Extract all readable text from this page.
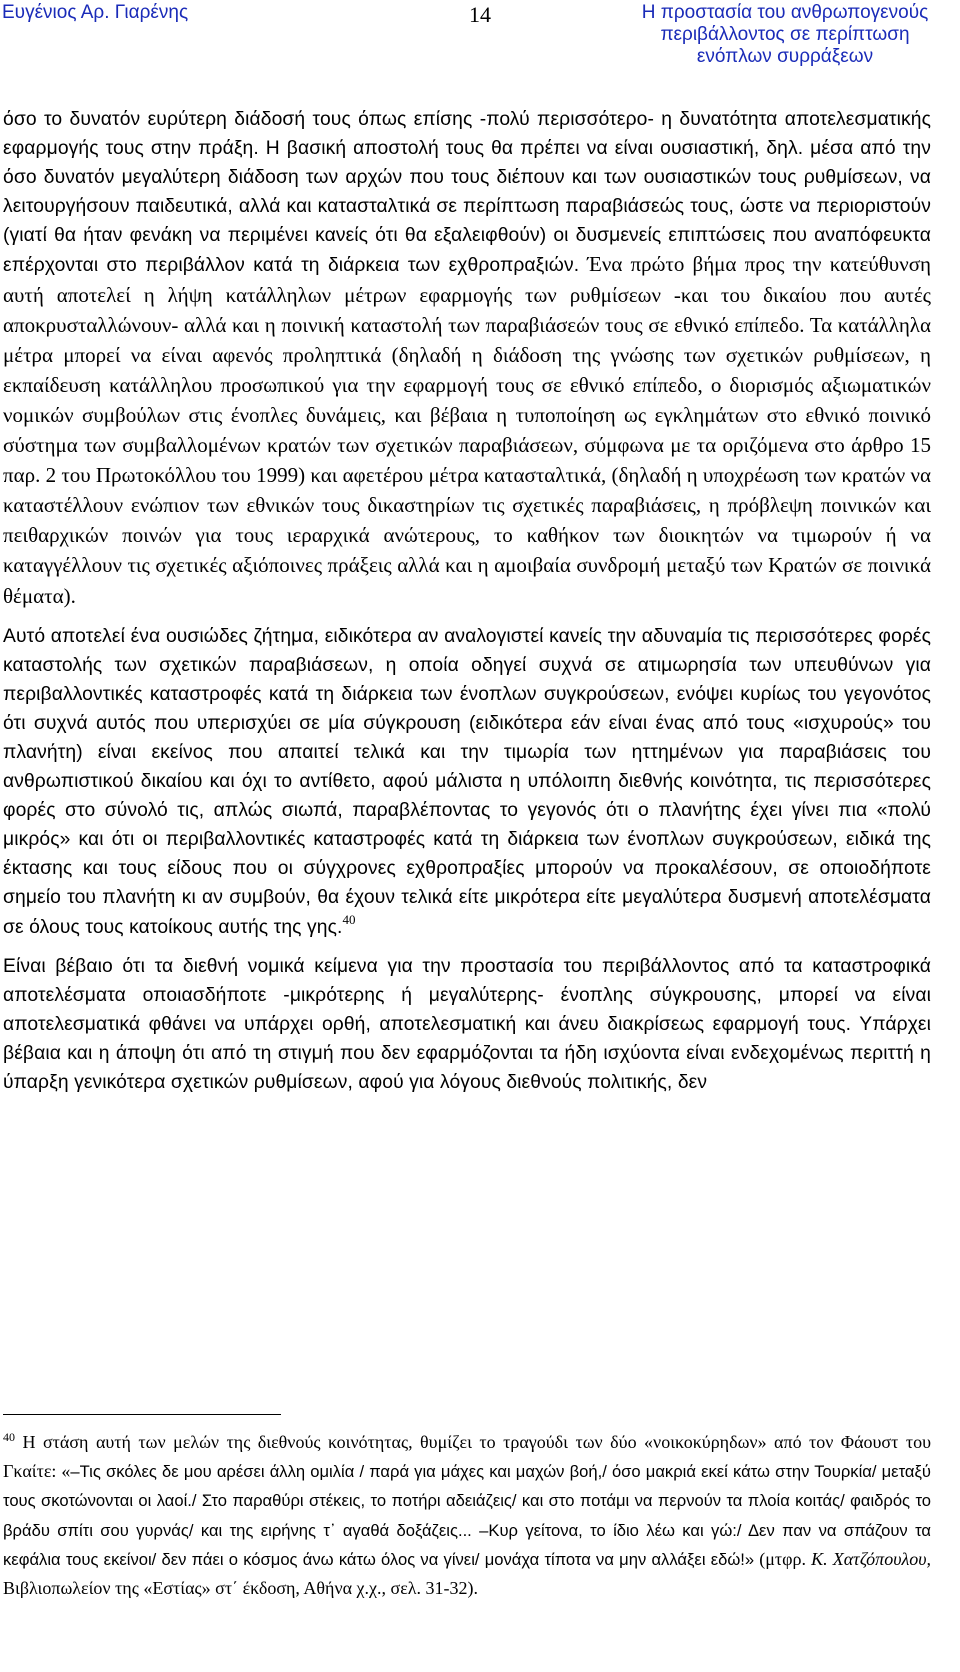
Ευγένιος Αρ. Γιαρένης	14	Η προστασία του ανθρωπογενούς
περιβάλλοντος σε περίπτωση
ενόπλων συρράξεων

όσο το δυνατόν ευρύτερη διάδοσή τους όπως επίσης -πολύ περισσότερο- η δυνατότητα αποτελεσματικής εφαρμογής τους στην πράξη. Η βασική αποστολή τους θα πρέπει να είναι ουσιαστική, δηλ. μέσα από την όσο δυνατόν μεγαλύτερη διάδοση των αρχών που τους διέπουν και των ουσιαστικών τους ρυθμίσεων, να λειτουργήσουν παιδευτικά, αλλά και κατασταλτικά σε περίπτωση παραβιάσεώς τους, ώστε να περιοριστούν (γιατί θα ήταν φενάκη να περιμένει κανείς ότι θα εξαλειφθούν) οι δυσμενείς επιπτώσεις που αναπόφευκτα επέρχονται στο περιβάλλον κατά τη διάρκεια των εχθροπραξιών. Ένα πρώτο βήμα προς την κατεύθυνση αυτή αποτελεί η λήψη κατάλληλων μέτρων εφαρμογής των ρυθμίσεων -και του δικαίου που αυτές αποκρυσταλλώνουν- αλλά και η ποινική καταστολή των παραβιάσεών τους σε εθνικό επίπεδο. Τα κατάλληλα μέτρα μπορεί να είναι αφενός προληπτικά (δηλαδή η διάδοση της γνώσης των σχετικών ρυθμίσεων, η εκπαίδευση κατάλληλου προσωπικού για την εφαρμογή τους σε εθνικό επίπεδο, ο διορισμός αξιωματικών νομικών συμβούλων στις ένοπλες δυνάμεις, και βέβαια η τυποποίηση ως εγκλημάτων στο εθνικό ποινικό σύστημα των συμβαλλομένων κρατών των σχετικών παραβιάσεων, σύμφωνα με τα οριζόμενα στο άρθρο 15 παρ. 2 του Πρωτοκόλλου του 1999) και αφετέρου μέτρα κατασταλτικά, (δηλαδή η υποχρέωση των κρατών να καταστέλλουν ενώπιον των εθνικών τους δικαστηρίων τις σχετικές παραβιάσεις, η πρόβλεψη ποινικών και πειθαρχικών ποινών για τους ιεραρχικά ανώτερους, το καθήκον των διοικητών να τιμωρούν ή να καταγγέλλουν τις σχετικές αξιόποινες πράξεις αλλά και η αμοιβαία συνδρομή μεταξύ των Κρατών σε ποινικά θέματα).

Αυτό αποτελεί ένα ουσιώδες ζήτημα, ειδικότερα αν αναλογιστεί κανείς την αδυναμία τις περισσότερες φορές καταστολής των σχετικών παραβιάσεων, η οποία οδηγεί συχνά σε ατιμωρησία των υπευθύνων για περιβαλλοντικές καταστροφές κατά τη διάρκεια των ένοπλων συγκρούσεων, ενόψει κυρίως του γεγονότος ότι συχνά αυτός που υπερισχύει σε μία σύγκρουση (ειδικότερα εάν είναι ένας από τους «ισχυρούς» του πλανήτη) είναι εκείνος που απαιτεί τελικά και την τιμωρία των ηττημένων για παραβιάσεις του ανθρωπιστικού δικαίου και όχι το αντίθετο, αφού μάλιστα η υπόλοιπη διεθνής κοινότητα, τις περισσότερες φορές στο σύνολό τις, απλώς σιωπά, παραβλέποντας το γεγονός ότι ο πλανήτης έχει γίνει πια «πολύ μικρός» και ότι οι περιβαλλοντικές καταστροφές κατά τη διάρκεια των ένοπλων συγκρούσεων, ειδικά της έκτασης και τους είδους που οι σύγχρονες εχθροπραξίες μπορούν να προκαλέσουν, σε οποιοδήποτε σημείο του πλανήτη κι αν συμβούν, θα έχουν τελικά είτε μικρότερα είτε μεγαλύτερα δυσμενή αποτελέσματα σε όλους τους κατοίκους αυτής της γης.$^{40}$

Είναι βέβαιο ότι τα διεθνή νομικά κείμενα για την προστασία του περιβάλλοντος από τα καταστροφικά αποτελέσματα οποιασδήποτε -μικρότερης ή μεγαλύτερης- ένοπλης σύγκρουσης, μπορεί να είναι αποτελεσματικά φθάνει να υπάρχει ορθή, αποτελεσματική και άνευ διακρίσεως εφαρμογή τους. Υπάρχει βέβαια και η άποψη ότι από τη στιγμή που δεν εφαρμόζονται τα ήδη ισχύοντα είναι ενδεχομένως περιττή η ύπαρξη γενικότερα σχετικών ρυθμίσεων, αφού για λόγους διεθνούς πολιτικής, δεν

$^{40}$ Η στάση αυτή των μελών της διεθνούς κοινότητας, θυμίζει το τραγούδι των δύο «νοικοκύρηδων» από τον Φάουστ του Γκαίτε: «–Τις σκόλες δε μου αρέσει άλλη ομιλία / παρά για μάχες και μαχών βοή,/ όσο μακριά εκεί κάτω στην Τουρκία/ μεταξύ τους σκοτώνονται οι λαοί./ Στο παραθύρι στέκεις, το ποτήρι αδειάζεις/ και στο ποτάμι να περνούν τα πλοία κοιτάς/ φαιδρός το βράδυ σπίτι σου γυρνάς/ και της ειρήνης τ᾽ αγαθά δοξάζεις... –Κυρ γείτονα, το ίδιο λέω και γώ:/ Δεν παν να σπάζουν τα κεφάλια τους εκείνοι/ δεν πάει ο κόσμος άνω κάτω όλος να γίνει/ μονάχα τίποτα να μην αλλάξει εδώ!» (μτφρ. Κ. Χατζόπουλου, Βιβλιοπωλείον της «Εστίας» στ΄ έκδοση, Αθήνα χ.χ., σελ. 31-32).
